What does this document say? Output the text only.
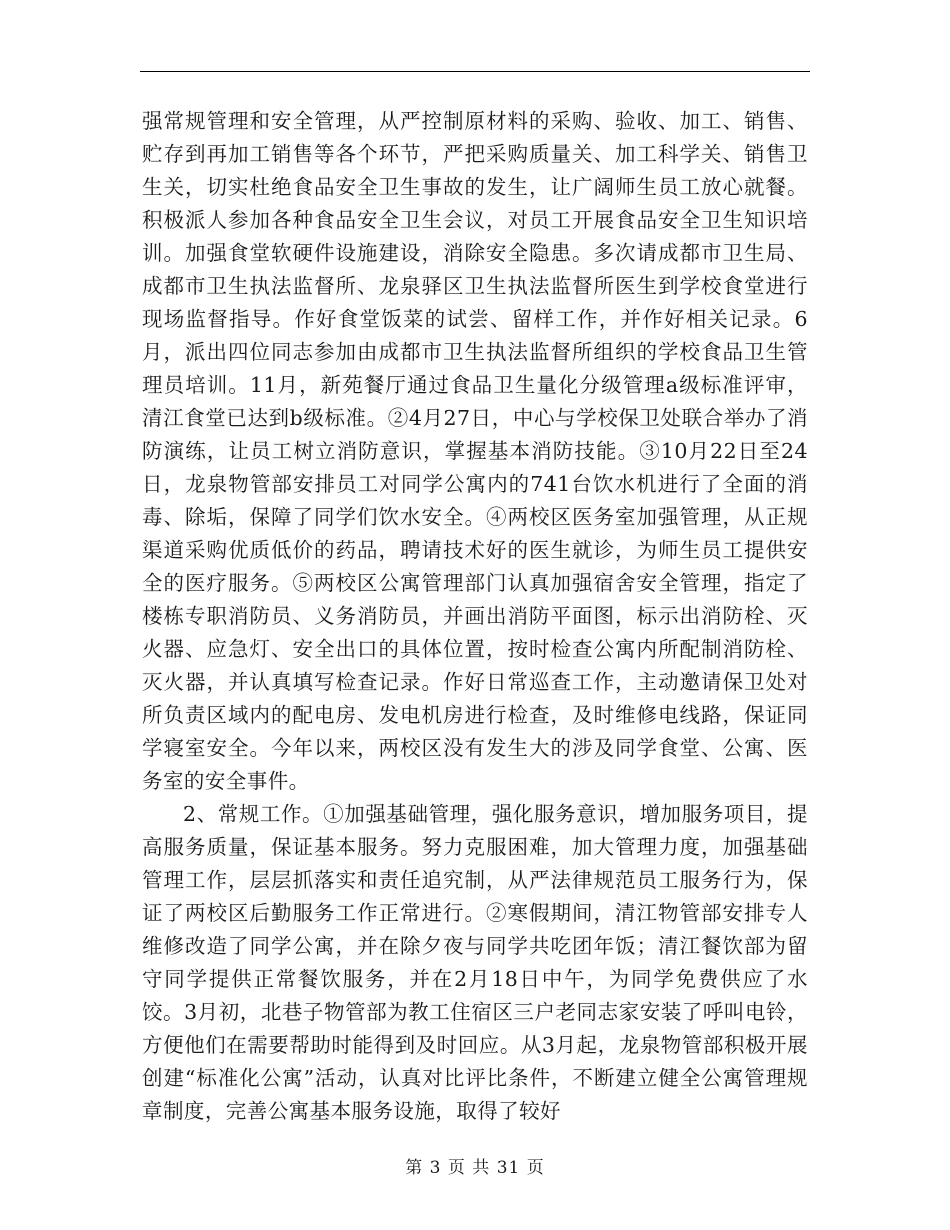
强常规管理和安全管理，从严控制原材料的采购、验收、加工、销售、贮存到再加工销售等各个环节，严把采购质量关、加工科学关、销售卫生关，切实杜绝食品安全卫生事故的发生，让广阔师生员工放心就餐。积极派人参加各种食品安全卫生会议，对员工开展食品安全卫生知识培训。加强食堂软硬件设施建设，消除安全隐患。多次请成都市卫生局、成都市卫生执法监督所、龙泉驿区卫生执法监督所医生到学校食堂进行现场监督指导。作好食堂饭菜的试尝、留样工作，并作好相关记录。6月，派出四位同志参加由成都市卫生执法监督所组织的学校食品卫生管理员培训。11月，新苑餐厅通过食品卫生量化分级管理a级标准评审，清江食堂已达到b级标准。②4月27日，中心与学校保卫处联合举办了消防演练，让员工树立消防意识，掌握基本消防技能。③10月22日至24日，龙泉物管部安排员工对同学公寓内的741台饮水机进行了全面的消毒、除垢，保障了同学们饮水安全。④两校区医务室加强管理，从正规渠道采购优质低价的药品，聘请技术好的医生就诊，为师生员工提供安全的医疗服务。⑤两校区公寓管理部门认真加强宿舍安全管理，指定了楼栋专职消防员、义务消防员，并画出消防平面图，标示出消防栓、灭火器、应急灯、安全出口的具体位置，按时检查公寓内所配制消防栓、灭火器，并认真填写检查记录。作好日常巡查工作，主动邀请保卫处对所负责区域内的配电房、发电机房进行检查，及时维修电线路，保证同学寝室安全。今年以来，两校区没有发生大的涉及同学食堂、公寓、医务室的安全事件。

2、常规工作。①加强基础管理，强化服务意识，增加服务项目，提高服务质量，保证基本服务。努力克服困难，加大管理力度，加强基础管理工作，层层抓落实和责任追究制，从严法律规范员工服务行为，保证了两校区后勤服务工作正常进行。②寒假期间，清江物管部安排专人维修改造了同学公寓，并在除夕夜与同学共吃团年饭；清江餐饮部为留守同学提供正常餐饮服务，并在2月18日中午，为同学免费供应了水饺。3月初，北巷子物管部为教工住宿区三户老同志家安装了呼叫电铃，方便他们在需要帮助时能得到及时回应。从3月起，龙泉物管部积极开展创建“标准化公寓”活动，认真对比评比条件，不断建立健全公寓管理规章制度，完善公寓基本服务设施，取得了较好

第 3 页 共 31 页
